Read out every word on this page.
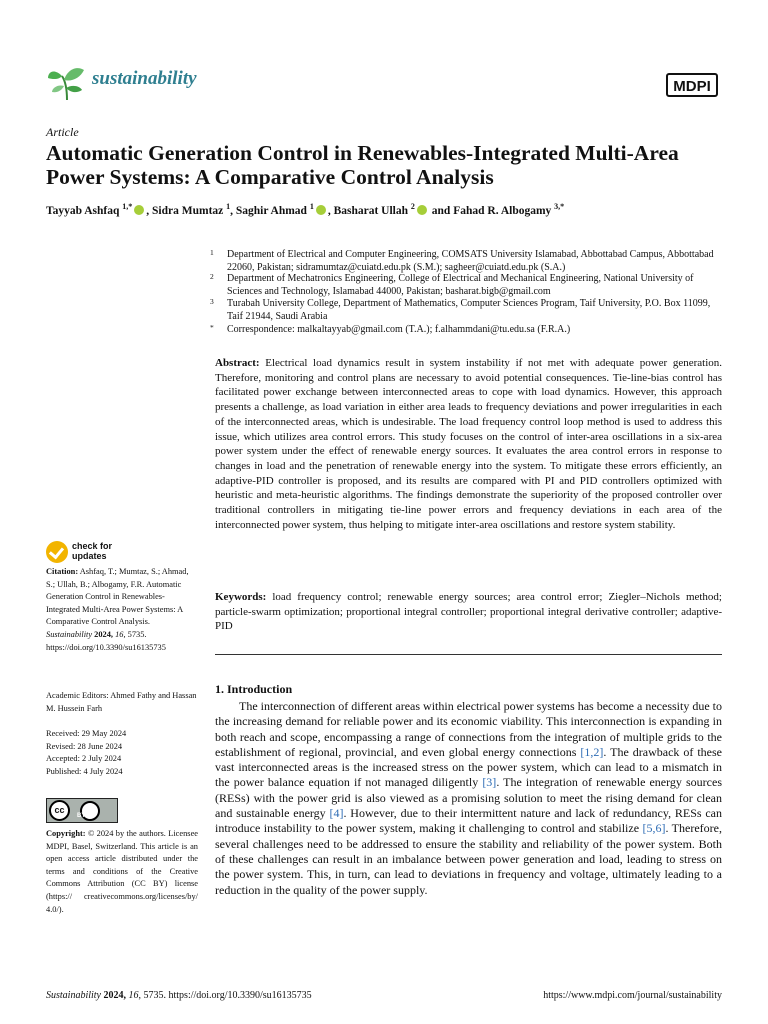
sustainability	MDPI
Article
Automatic Generation Control in Renewables-Integrated Multi-Area Power Systems: A Comparative Control Analysis
Tayyab Ashfaq $^{1,*}$ , Sidra Mumtaz $^1$, Saghir Ahmad $^1$ , Basharat Ullah $^2$ and Fahad R. Albogamy $^{3,*}$
1 Department of Electrical and Computer Engineering, COMSATS University Islamabad, Abbottabad Campus, Abbottabad 22060, Pakistan; sidramumtaz@cuiatd.edu.pk (S.M.); sagheer@cuiatd.edu.pk (S.A.)
2 Department of Mechatronics Engineering, College of Electrical and Mechanical Engineering, National University of Sciences and Technology, Islamabad 44000, Pakistan; basharat.bigb@gmail.com
3 Turabah University College, Department of Mathematics, Computer Sciences Program, Taif University, P.O. Box 11099, Taif 21944, Saudi Arabia
* Correspondence: malkaltayyab@gmail.com (T.A.); f.alhammdani@tu.edu.sa (F.R.A.)
Abstract: Electrical load dynamics result in system instability if not met with adequate power generation. Therefore, monitoring and control plans are necessary to avoid potential consequences. Tie-line-bias control has facilitated power exchange between interconnected areas to cope with load dynamics. However, this approach presents a challenge, as load variation in either area leads to frequency deviations and power irregularities in each of the interconnected areas, which is undesirable. The load frequency control loop method is used to address this issue, which utilizes area control errors. This study focuses on the control of inter-area oscillations in a six-area power system under the effect of renewable energy sources. It evaluates the area control errors in response to changes in load and the penetration of renewable energy into the system. To mitigate these errors efficiently, an adaptive-PID controller is proposed, and its results are compared with PI and PID controllers optimized with heuristic and meta-heuristic algorithms. The findings demonstrate the superiority of the proposed controller over traditional controllers in mitigating tie-line power errors and frequency deviations in each area of the interconnected power system, thus helping to mitigate inter-area oscillations and restore system stability.
Keywords: load frequency control; renewable energy sources; area control error; Ziegler–Nichols method; particle-swarm optimization; proportional integral controller; proportional integral derivative controller; adaptive-PID
check for
updates
Citation: Ashfaq, T.; Mumtaz, S.; Ahmad, S.; Ullah, B.; Albogamy, F.R. Automatic Generation Control in Renewables-Integrated Multi-Area Power Systems: A Comparative Control Analysis. Sustainability 2024, 16, 5735. https://doi.org/10.3390/su16135735
Academic Editors: Ahmed Fathy and Hassan M. Hussein Farh
Received: 29 May 2024
Revised: 28 June 2024
Accepted: 2 July 2024
Published: 4 July 2024
cc
BY
Copyright: © 2024 by the authors. Licensee MDPI, Basel, Switzerland. This article is an open access article distributed under the terms and conditions of the Creative Commons Attribution (CC BY) license (https:// creativecommons.org/licenses/by/ 4.0/).
1. Introduction
The interconnection of different areas within electrical power systems has become a necessity due to the increasing demand for reliable power and its economic viability. This interconnection is expanding in both reach and scope, encompassing a range of connections from the integration of multiple grids to the establishment of regional, provincial, and even global energy connections [1,2]. The drawback of these vast interconnected areas is the increased stress on the power system, which can lead to a mismatch in the power balance equation if not managed diligently [3]. The integration of renewable energy sources (RESs) with the power grid is also viewed as a promising solution to meet the rising demand for clean and sustainable energy [4]. However, due to their intermittent nature and lack of redundancy, RESs can introduce instability to the power system, making it challenging to control and stabilize [5,6]. Therefore, several challenges need to be addressed to ensure the stability and reliability of the power system. Both of these challenges can result in an imbalance between power generation and load, leading to stress on the power system. This, in turn, can lead to deviations in frequency and voltage, ultimately leading to a reduction in the quality of the power supply.
Sustainability 2024, 16, 5735. https://doi.org/10.3390/su16135735	https://www.mdpi.com/journal/sustainability
